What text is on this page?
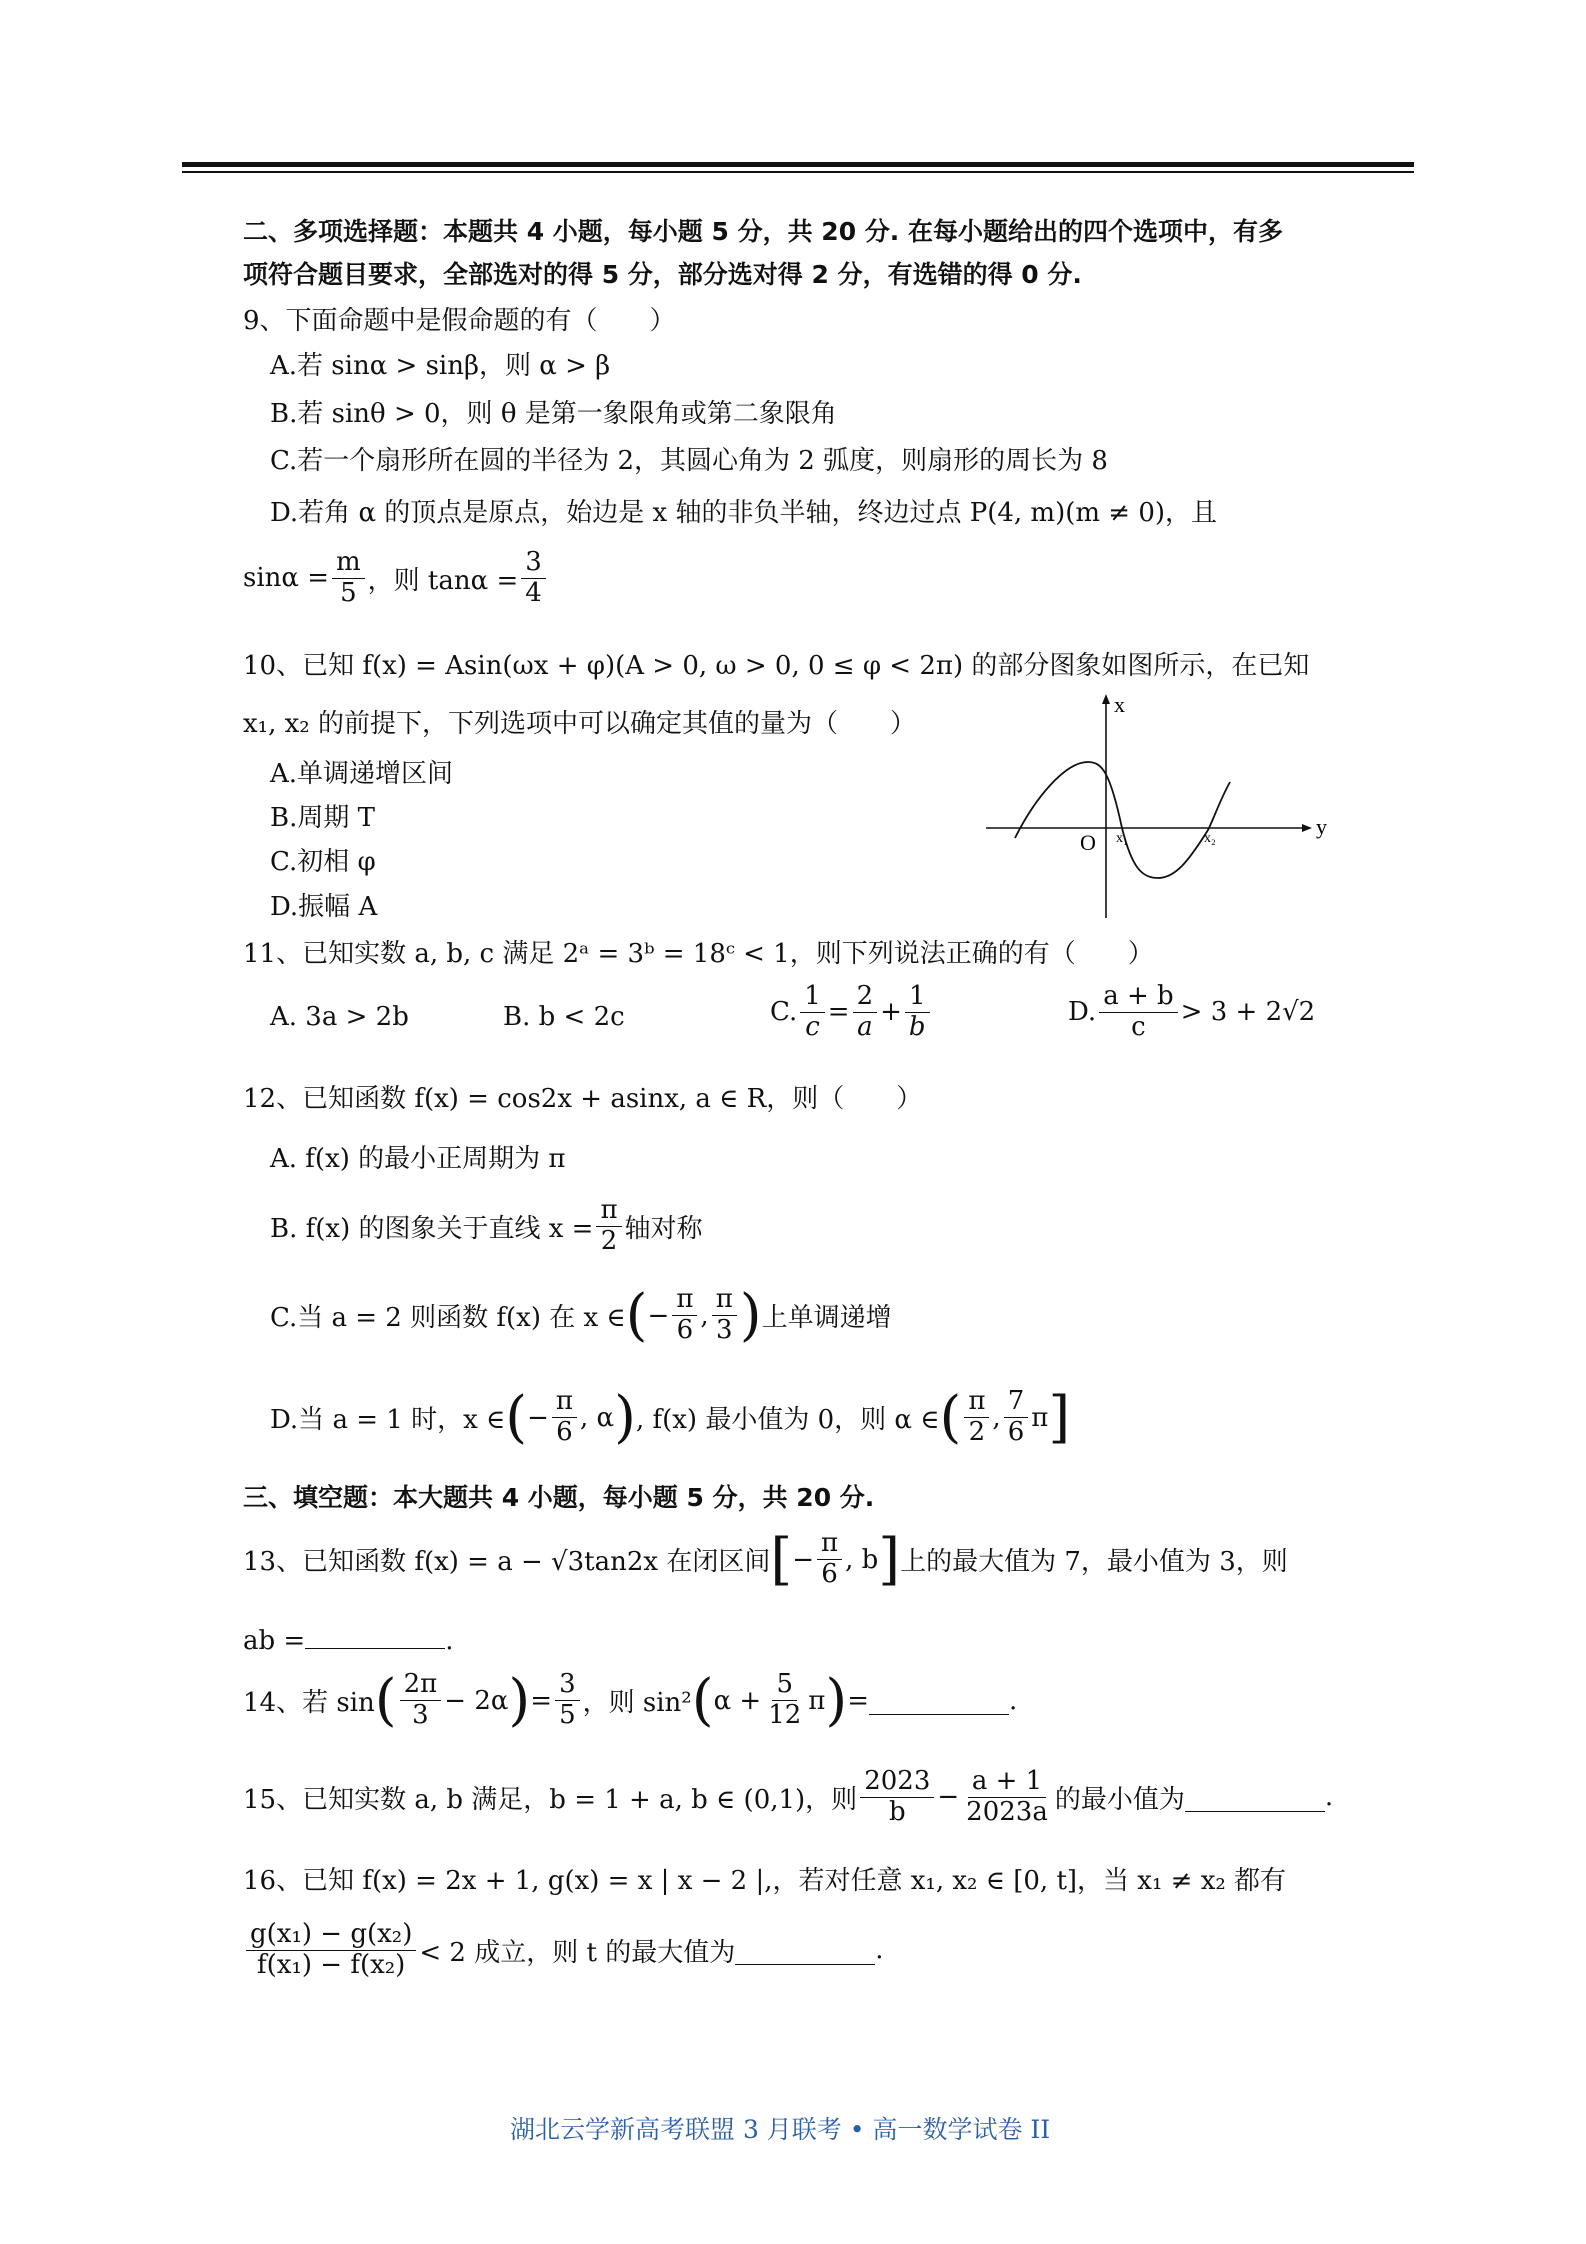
二、多项选择题：本题共 4 小题，每小题 5 分，共 20 分. 在每小题给出的四个选项中，有多
项符合题目要求，全部选对的得 5 分，部分选对得 2 分，有选错的得 0 分.
9、下面命题中是假命题的有（　　）
A.若 sinα > sinβ，则 α > β
B.若 sinθ > 0，则 θ 是第一象限角或第二象限角
C.若一个扇形所在圆的半径为 2，其圆心角为 2 弧度，则扇形的周长为 8
D.若角 α 的顶点是原点，始边是 x 轴的非负半轴，终边过点 P(4, m)(m ≠ 0)，且
$\sin\alpha = \frac{m}{5}$ ，则 $\tan\alpha = \frac{3}{4}$
10、已知 f(x) = Asin(ωx + φ)(A > 0, ω > 0, 0 ≤ φ < 2π) 的部分图象如图所示，在已知
x₁, x₂ 的前提下，下列选项中可以确定其值的量为（　　）
A.单调递增区间
B.周期 T
C.初相 φ
D.振幅 A
y
x
O x₁	x₂
11、已知实数 a, b, c 满足 2ᵃ = 3ᵇ = 18ᶜ < 1，则下列说法正确的有（　　）
A. 3a > 2b	B. b < 2c	C. $\frac{1}{c} = \frac{2}{a} + \frac{1}{b}$	D. $\frac{a + b}{c} > 3 + 2√2$
12、已知函数 f(x) = cos2x + asinx, a ∈ R，则（　　）
A. f(x) 的最小正周期为 π
B. f(x) 的图象关于直线 $x = \frac{\pi}{2}$ 轴对称
C.当 a = 2 则函数 f(x) 在 x ∈ ( − $\frac{\pi}{6}$ , $\frac{\pi}{3}$ ) 上单调递增
D.当 a = 1 时，x ∈ ( − $\frac{\pi}{6}$ , α ) , f(x) 最小值为 0，则 α ∈ ( $\frac{\pi}{2}$ , $\frac{7}{6}$ π ]
三、填空题：本大题共 4 小题，每小题 5 分，共 20 分.
13、已知函数 f(x) = a − √3tan2x 在闭区间 [ − $\frac{\pi}{6}$ , b ] 上的最大值为 7，最小值为 3，则
ab =	.
14、若 sin ( $\frac{2\pi}{3} - 2\alpha$ ) = $\frac{3}{5}$ ，则 sin² ( $\alpha + \frac{5}{12}$ π ) =	.
15、已知实数 a, b 满足，b = 1 + a, b ∈ (0,1)，则 $\frac{2023}{b} - \frac{a + 1}{2023a}$ 的最小值为	.
16、已知 f(x) = 2x + 1, g(x) = x | x − 2 |,，若对任意 x₁, x₂ ∈ [0, t]，当 x₁ ≠ x₂ 都有
$\frac{\text{g(x₁) − g(x₂)}}{\text{f(x₁) − f(x₂)}} < 2$ 成立，则 t 的最大值为	.
湖北云学新高考联盟 3 月联考 • 高一数学试卷 II
